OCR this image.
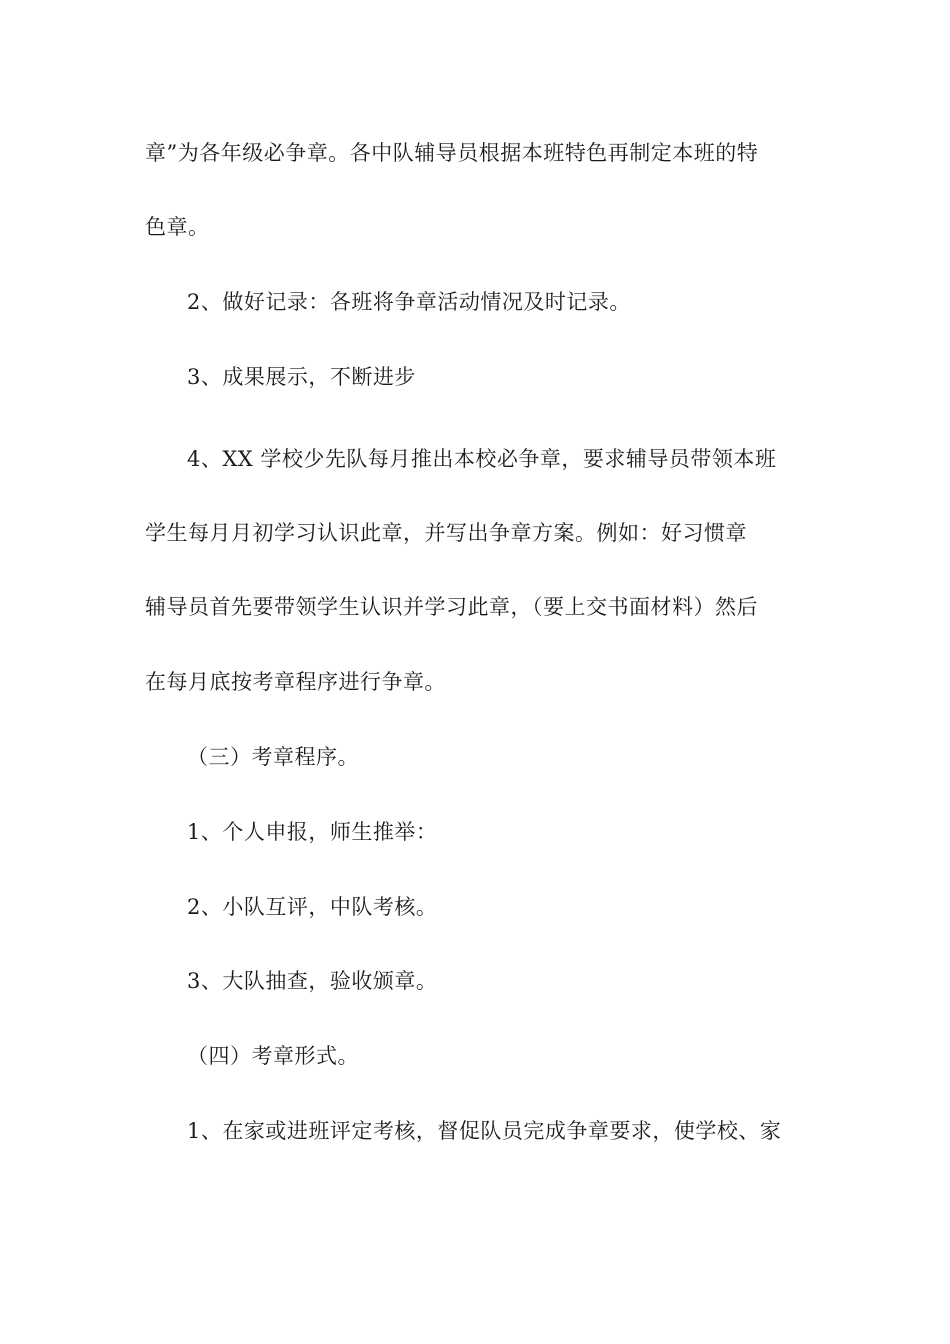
章”为各年级必争章。各中队辅导员根据本班特色再制定本班的特
色章。
2、做好记录：各班将争章活动情况及时记录。
3、成果展示，不断进步
4、XX 学校少先队每月推出本校必争章，要求辅导员带领本班
学生每月月初学习认识此章，并写出争章方案。例如：好习惯章
辅导员首先要带领学生认识并学习此章，（要上交书面材料）然后
在每月底按考章程序进行争章。
（三）考章程序。
1、个人申报，师生推举：
2、小队互评，中队考核。
3、大队抽查，验收颁章。
（四）考章形式。
1、在家或进班评定考核，督促队员完成争章要求，使学校、家
